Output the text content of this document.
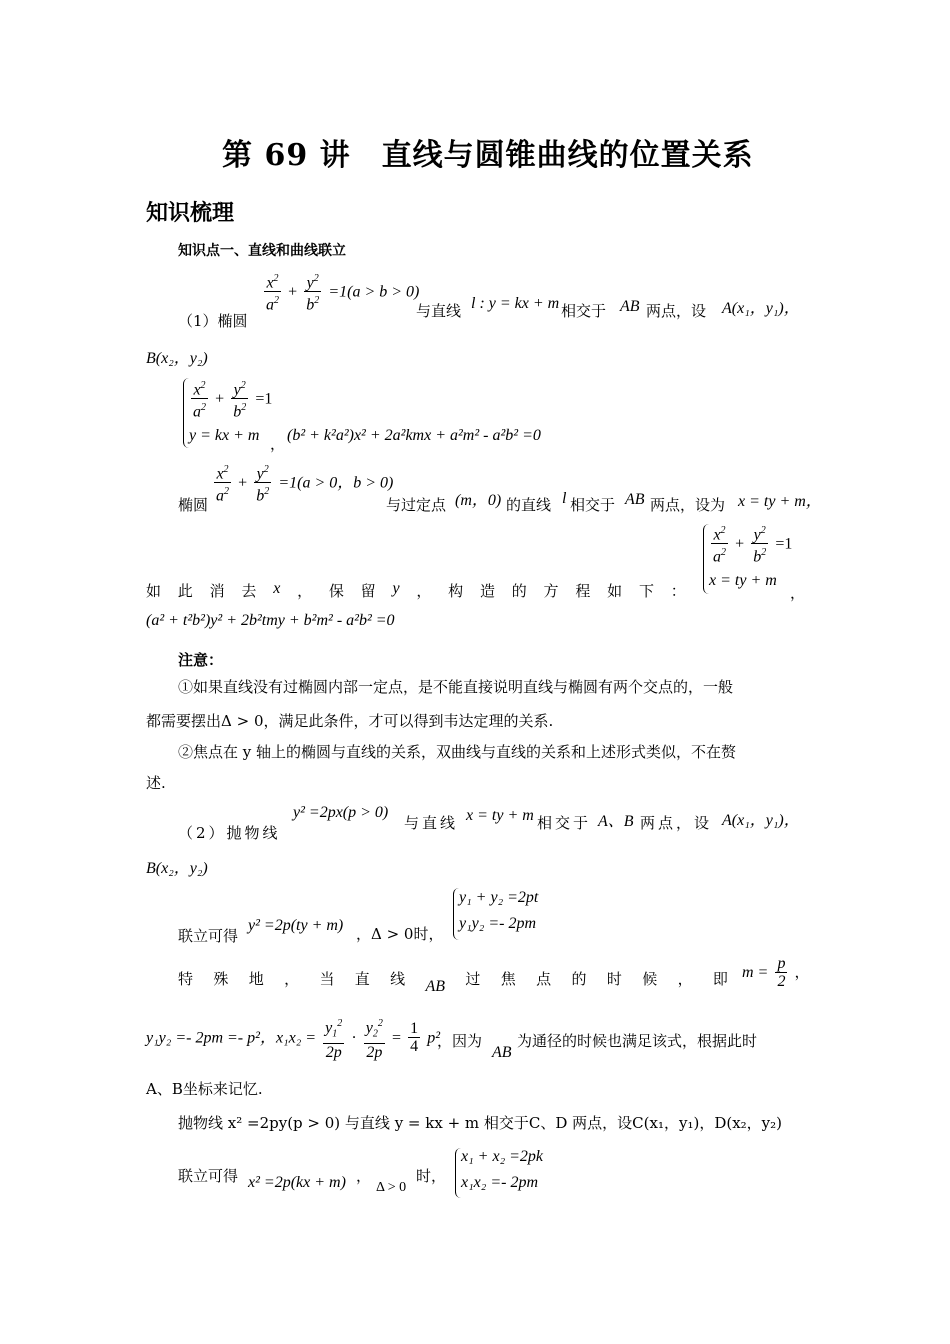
第 69 讲　直线与圆锥曲线的位置关系
知识梳理
知识点一、直线和曲线联立
（1）椭圆
$\frac{x^2}{a^2} + \frac{y^2}{b^2} =1(a > b > 0)$
与直线 l : y = kx + m 相交于 AB 两点，设 A(x₁，y₁)，
B(x₂，y₂)
$\frac{x^2}{a^2} + \frac{y^2}{b^2} =1$
y = kx + m ， (b² + k²a²)x² + 2a²kmx + a²m² - a²b² =0
椭圆
$\frac{x^2}{a^2} + \frac{y^2}{b^2} =1(a > 0$，b > 0)
与过定点 (m，0) 的直线 l 相交于 AB 两点，设为 x = ty + m，
如 此 消 去 x ， 保 留 y ， 构 造 的 方 程 如 下 ：
$\frac{x^2}{a^2} + \frac{y^2}{b^2} =1$
x = ty + m
，
(a² + t²b²)y² + 2b²tmy + b²m² - a²b² =0
注意：
①如果直线没有过椭圆内部一定点，是不能直接说明直线与椭圆有两个交点的，一般
都需要摆出Δ > 0，满足此条件，才可以得到韦达定理的关系.
②焦点在 y 轴上的椭圆与直线的关系，双曲线与直线的关系和上述形式类似，不在赘
述.
（2）抛物线
y² =2px(p > 0)
与直线 x = ty + m 相交于 A、B 两点，设 A(x₁，y₁)，
B(x₂，y₂)
联立可得
y² =2p(ty + m) ，Δ > 0时，
y₁ + y₂ =2pt
y₁y₂ =- 2pm
特 殊 地 ， 当 直 线 AB 过 焦 点 的 时 候 ， 即 $m = \frac{p}{2}$ ，
y₁y₂ =- 2pm =- p²，$x_1x_2 = \frac{y_1^2}{2p} \cdot \frac{y_2^2}{2p} = \frac{1}{4} p^2$
，因为
AB
为通径的时候也满足该式，根据此时
A、B坐标来记忆.
抛物线 x² =2py(p > 0) 与直线 y = kx + m 相交于C、D 两点，设C(x₁，y₁)，D(x₂，y₂)
联立可得 x² =2p(kx + m) ，
Δ > 0
时，
x₁ + x₂ =2pk
x₁x₂ =- 2pm
